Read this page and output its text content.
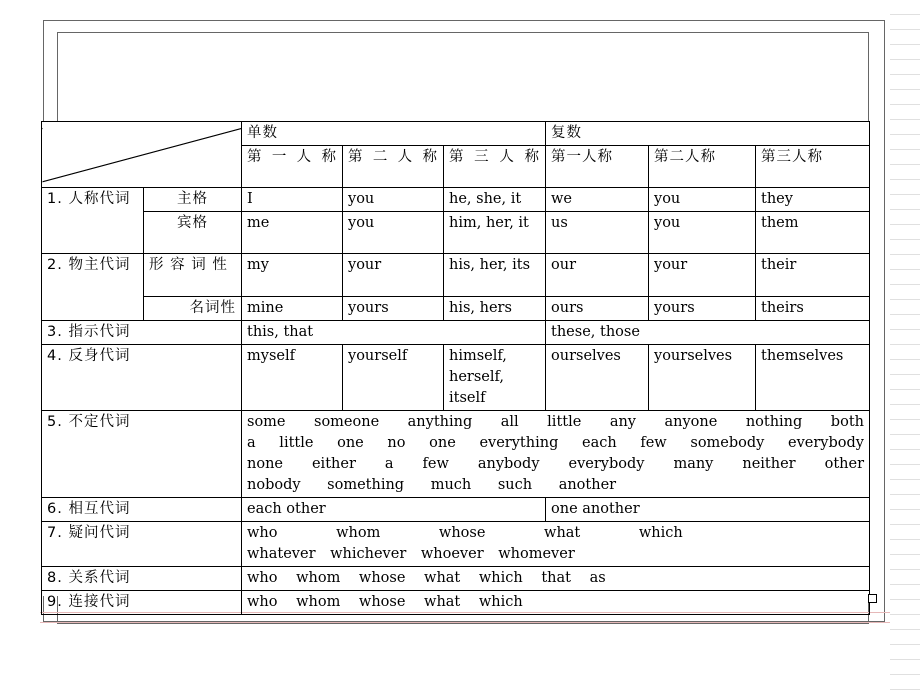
		单数			复数		
		第 一 人 称	第 二 人 称	第 三 人 称	第一人称	第二人称	第三人称
1. 人称代词	主格	I	you	he, she, it	we	you	they
	宾格	me	you	him, her, it	us	you	them
2. 物主代词	形 容 词 性	my	your	his, her, its	our	your	their
	名词性	mine	yours	his, hers	ours	yours	theirs
3. 指示代词		this, that			these, those		
4. 反身代词		myself	yourself	himself, herself, itself	ourselves	yourselves	themselves
5. 不定代词		some someone anything all little any anyone nothing both
a little one no one everything each few somebody everybody
none either a few anybody everybody many neither other
nobody something much such another					

6. 相互代词		each other			one another		
7. 疑问代词		who whom whose what which
whatever whichever whoever whomever					

8. 关系代词		who whom whose what which that as					
9. 连接代词		who whom whose what which					
